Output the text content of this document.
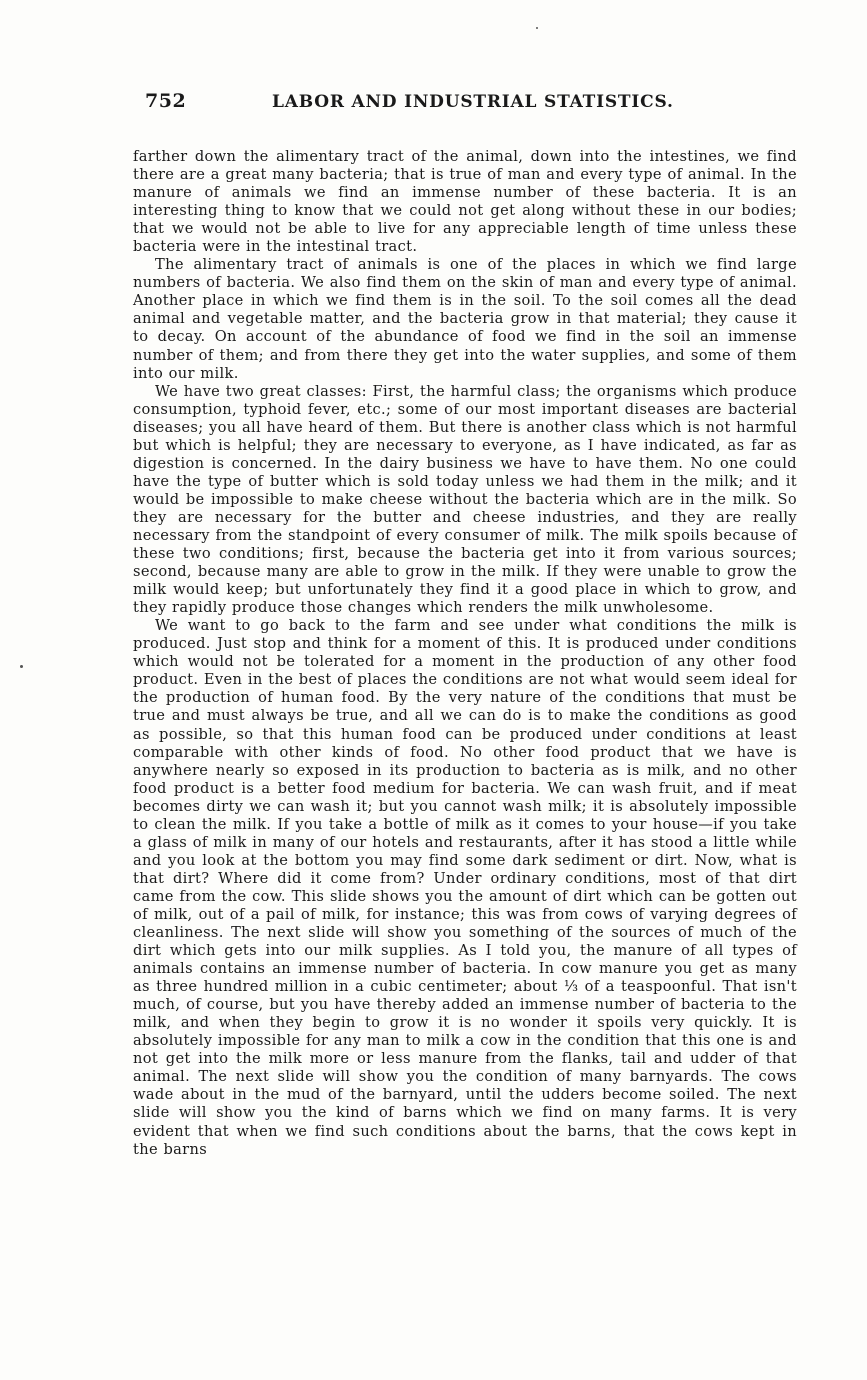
752	LABOR AND INDUSTRIAL STATISTICS.

farther down the alimentary tract of the animal, down into the intestines, we find there are a great many bacteria; that is true of man and every type of animal. In the manure of animals we find an immense number of these bacteria. It is an interesting thing to know that we could not get along without these in our bodies; that we would not be able to live for any appreciable length of time unless these bacteria were in the intestinal tract.

The alimentary tract of animals is one of the places in which we find large numbers of bacteria. We also find them on the skin of man and every type of animal. Another place in which we find them is in the soil. To the soil comes all the dead animal and vegetable matter, and the bacteria grow in that material; they cause it to decay. On account of the abundance of food we find in the soil an immense number of them; and from there they get into the water supplies, and some of them into our milk.

We have two great classes: First, the harmful class; the organisms which produce consumption, typhoid fever, etc.; some of our most important diseases are bacterial diseases; you all have heard of them. But there is another class which is not harmful but which is helpful; they are necessary to everyone, as I have indicated, as far as digestion is concerned. In the dairy business we have to have them. No one could have the type of butter which is sold today unless we had them in the milk; and it would be impossible to make cheese without the bacteria which are in the milk. So they are necessary for the butter and cheese industries, and they are really necessary from the standpoint of every consumer of milk. The milk spoils because of these two conditions; first, because the bacteria get into it from various sources; second, because many are able to grow in the milk. If they were unable to grow the milk would keep; but unfortunately they find it a good place in which to grow, and they rapidly produce those changes which renders the milk unwholesome.

We want to go back to the farm and see under what conditions the milk is produced. Just stop and think for a moment of this. It is produced under conditions which would not be tolerated for a moment in the production of any other food product. Even in the best of places the conditions are not what would seem ideal for the production of human food. By the very nature of the conditions that must be true and must always be true, and all we can do is to make the conditions as good as possible, so that this human food can be produced under conditions at least comparable with other kinds of food. No other food product that we have is anywhere nearly so exposed in its production to bacteria as is milk, and no other food product is a better food medium for bacteria. We can wash fruit, and if meat becomes dirty we can wash it; but you cannot wash milk; it is absolutely impossible to clean the milk. If you take a bottle of milk as it comes to your house—if you take a glass of milk in many of our hotels and restaurants, after it has stood a little while and you look at the bottom you may find some dark sediment or dirt. Now, what is that dirt? Where did it come from? Under ordinary conditions, most of that dirt came from the cow. This slide shows you the amount of dirt which can be gotten out of milk, out of a pail of milk, for instance; this was from cows of varying degrees of cleanliness. The next slide will show you something of the sources of much of the dirt which gets into our milk supplies. As I told you, the manure of all types of animals contains an immense number of bacteria. In cow manure you get as many as three hundred million in a cubic centimeter; about ⅓ of a teaspoonful. That isn't much, of course, but you have thereby added an immense number of bacteria to the milk, and when they begin to grow it is no wonder it spoils very quickly. It is absolutely impossible for any man to milk a cow in the condition that this one is and not get into the milk more or less manure from the flanks, tail and udder of that animal. The next slide will show you the condition of many barnyards. The cows wade about in the mud of the barnyard, until the udders become soiled. The next slide will show you the kind of barns which we find on many farms. It is very evident that when we find such conditions about the barns, that the cows kept in the barns
